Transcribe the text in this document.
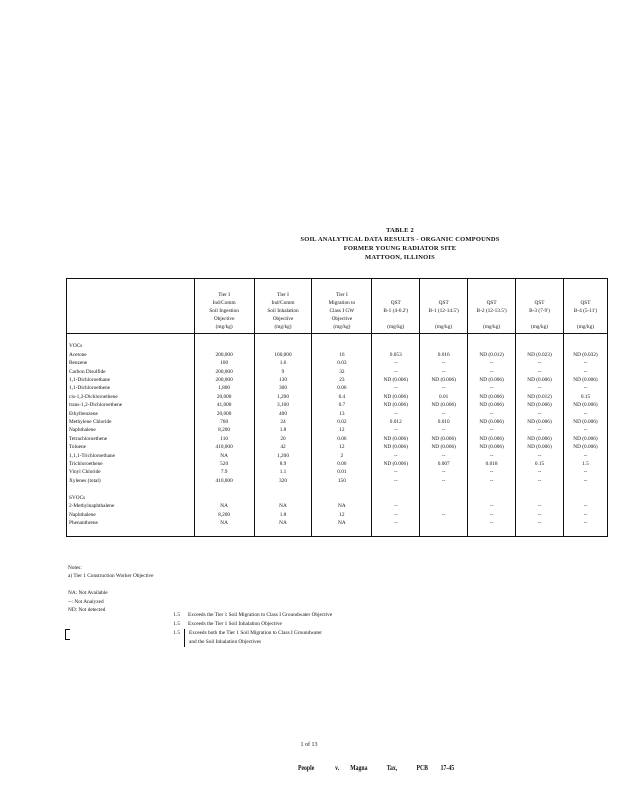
TABLE 2
SOIL ANALYTICAL DATA RESULTS - ORGANIC COMPOUNDS
FORMER YOUNG RADIATOR SITE
MATTOON, ILLINOIS

	Tier I
Ind/Comm
Soil Ingestion
Objective
(mg/kg)	Tier I
Ind/Comm
Soil Inhalation
Objective
(mg/kg)	Tier I
Migration to
Class I GW
Objective
(mg/kg)	QST
B-1 (4-6.2')

(mg/kg)	QST
B-1 (12-14.5')

(mg/kg)	QST
B-2 (12-13.5')

(mg/kg)	QST
B-3 (7-9')

(mg/kg)	QST
B-4 (5-11')

(mg/kg)

VOCs								
Acetone	200,000	100,000	16	0.053	0.016	ND (0.012)	ND (0.023)	ND (0.032)
Benzene	100	1.6	0.03	--	--	--	--	--
Carbon Disulfide	200,000	9	32	--	--	--	--	--
1,1-Dichloroethane	200,000	130	23	ND (0.006)	ND (0.006)	ND (0.006)	ND (0.006)	ND (0.006)
1,1-Dichloroethene	1,800	300	0.06	--	--	--	--	--
cis-1,2-Dichloroethene	20,000	1,200	0.4	ND (0.006)	0.01	ND (0.006)	ND (0.012)	0.15
trans-1,2-Dichloroethene	41,000	3,100	0.7	ND (0.006)	ND (0.006)	ND (0.006)	ND (0.006)	ND (0.006)
Ethylbenzene	20,000	400	13	--	--	--	--	--
Methylene Chloride	760	24	0.02	0.012	0.010	ND (0.006)	ND (0.006)	ND (0.006)
Naphthalene	8,200	1.8	12	--	--	--	--	--
Tetrachloroethene	110	20	0.06	ND (0.006)	ND (0.006)	ND (0.006)	ND (0.006)	ND (0.006)
Toluene	410,000	42	12	ND (0.006)	ND (0.006)	ND (0.006)	ND (0.006)	ND (0.006)
1,1,1-Trichloroethane	NA	1,200	2	--	--	--	--	--
Trichloroethene	520	8.9	0.06	ND (0.006)	0.007	0.018	0.15	1.5
Vinyl Chloride	7.9	1.1	0.01	--	--	--	--	--
Xylenes (total)	410,000	320	150	--	--	--	--	--

SVOCs								
2-Methylnaphthalene	NA	NA	NA	--		--	--	--
Naphthalene	8,200	1.8	12	--	--	--	--	--
Phenanthrene	NA	NA	NA	--		--	--	--

Notes:
a) Tier 1 Construction Worker Objective

NA: Not Available
--: Not Analyzed
ND: Not detected
1.5	Exceeds the Tier 1 Soil Migration to Class I Groundwater Objective
1.5	Exceeds the Tier 1 Soil Inhalation Objective
1.5	Exceeds both the Tier 1 Soil Migration to Class I Groundwater
and the Soil Inhalation Objectives
1 of 13
People	v. Magna	Tax,	PCB 17-45
